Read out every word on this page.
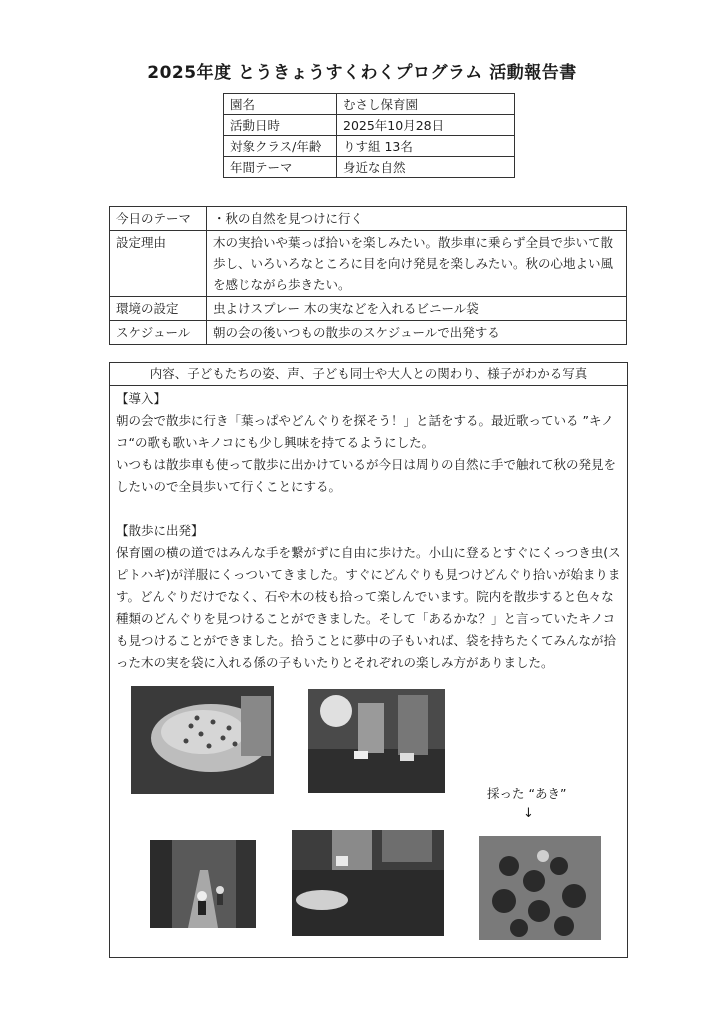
2025年度 とうきょうすくわくプログラム 活動報告書
園名	むさし保育園
活動日時	2025年10月28日
対象クラス/年齢	りす組 13名
年間テーマ	身近な自然
今日のテーマ	・秋の自然を見つけに行く
設定理由	木の実拾いや葉っぱ拾いを楽しみたい。散歩車に乗らず全員で歩いて散歩し、いろいろなところに目を向け発見を楽しみたい。秋の心地よい風を感じながら歩きたい。
環境の設定	虫よけスプレー 木の実などを入れるビニール袋
スケジュール	朝の会の後いつもの散歩のスケジュールで出発する
内容、子どもたちの姿、声、子ども同士や大人との関わり、様子がわかる写真

【導入】

朝の会で散歩に行き「葉っぱやどんぐりを探そう！」と話をする。最近歌っている ”キノコ“の歌も歌いキノコにも少し興味を持てるようにした。

いつもは散歩車も使って散歩に出かけているが今日は周りの自然に手で触れて秋の発見をしたいので全員歩いて行くことにする。

【散歩に出発】

保育園の横の道ではみんな手を繋がずに自由に歩けた。小山に登るとすぐにくっつき虫(スピトハギ)が洋服にくっついてきました。すぐにどんぐりも見つけどんぐり拾いが始まります。どんぐりだけでなく、石や木の枝も拾って楽しんでいます。院内を散歩すると色々な種類のどんぐりを見つけることができました。そして「あるかな？」と言っていたキノコも見つけることができました。拾うことに夢中の子もいれば、袋を持ちたくてみんなが拾った木の実を袋に入れる係の子もいたりとそれぞれの楽しみ方がありました。

採った “あき”
↓
